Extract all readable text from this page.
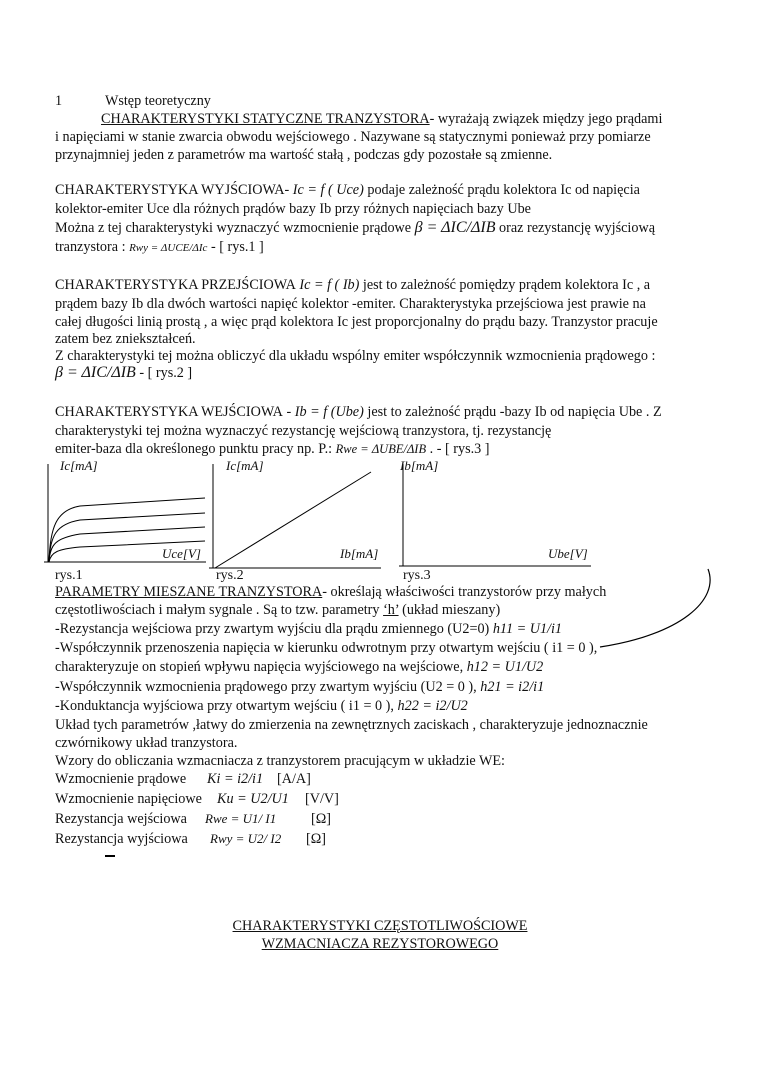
1	Wstęp teoretyczny
CHARAKTERYSTYKI STATYCZNE TRANZYSTORA- wyrażają związek między jego prądami
i napięciami w stanie zwarcia obwodu wejściowego . Nazywane są statycznymi ponieważ przy pomiarze
przynajmniej jeden z parametrów ma wartość stałą , podczas gdy pozostałe są zmienne.
CHARAKTERYSTYKA WYJŚCIOWA- Ic = f ( Uce) podaje zależność prądu kolektora Ic od napięcia
kolektor-emiter Uce dla różnych prądów bazy Ib przy różnych napięciach bazy Ube
Można z tej charakterystyki wyznaczyć wzmocnienie prądowe β = ΔIC/ΔIB oraz rezystancję wyjściową
tranzystora : Rwy = ΔUCE/ΔIc - [ rys.1 ]
CHARAKTERYSTYKA PRZEJŚCIOWA Ic = f ( Ib) jest to zależność pomiędzy prądem kolektora Ic , a
prądem bazy Ib dla dwóch wartości napięć kolektor -emiter. Charakterystyka przejściowa jest prawie na
całej długości linią prostą , a więc prąd kolektora Ic jest proporcjonalny do prądu bazy. Tranzystor pracuje
zatem bez zniekształceń.
Z charakterystyki tej można obliczyć dla układu wspólny emiter współczynnik wzmocnienia prądowego :
β = ΔIC/ΔIB - [ rys.2 ]
CHARAKTERYSTYKA WEJŚCIOWA - Ib = f (Ube) jest to zależność prądu -bazy Ib od napięcia Ube . Z
charakterystyki tej można wyznaczyć rezystancję wejściową tranzystora, tj. rezystancję
emiter-baza dla określonego punktu pracy np. P.: Rwe = ΔUBE/ΔIB . - [ rys.3 ]
Ic[mA]
Uce[V]
rys.1
Ic[mA]
Ib[mA]
rys.2
Ib[mA]
Ube[V]
rys.3
PARAMETRY MIESZANE TRANZYSTORA- określają właściwości tranzystorów przy małych
częstotliwościach i małym sygnale . Są to tzw. parametry ‘h’ (układ mieszany)
-Rezystancja wejściowa przy zwartym wyjściu dla prądu zmiennego (U2=0) h11 = U1/i1
-Współczynnik przenoszenia napięcia w kierunku odwrotnym przy otwartym wejściu ( i1 = 0 ),
charakteryzuje on stopień wpływu napięcia wyjściowego na wejściowe, h12 = U1/U2
-Współczynnik wzmocnienia prądowego przy zwartym wyjściu (U2 = 0 ), h21 = i2/i1
-Konduktancja wyjściowa przy otwartym wejściu ( i1 = 0 ), h22 = i2/U2
Układ tych parametrów ,łatwy do zmierzenia na zewnętrznych zaciskach , charakteryzuje jednoznacznie
czwórnikowy układ tranzystora.
Wzory do obliczania wzmacniacza z tranzystorem pracującym w układzie WE:
Wzmocnienie prądowe Ki = i2/i1 [A/A]
Wzmocnienie napięciowe Ku = U2/U1 [V/V]
Rezystancja wejściowa Rwe = U1/ I1 [Ω]
Rezystancja wyjściowa Rwy = U2/ I2 [Ω]
CHARAKTERYSTYKI CZĘSTOTLIWOŚCIOWE
WZMACNIACZA REZYSTOROWEGO
